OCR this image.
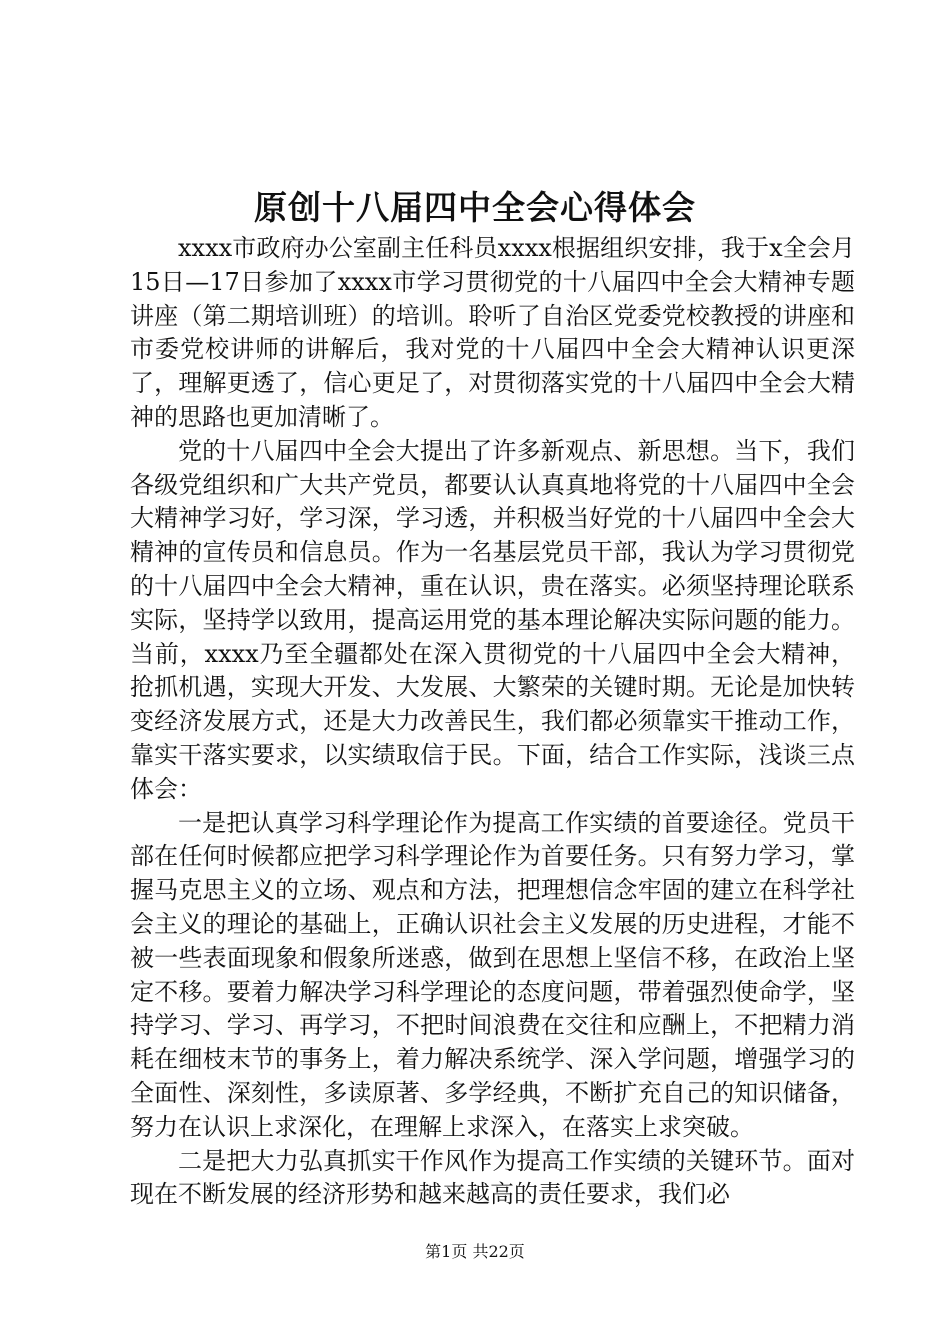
原创十八届四中全会心得体会

xxxx市政府办公室副主任科员xxxx根据组织安排，我于x全会月15日—17日参加了xxxx市学习贯彻党的十八届四中全会大精神专题讲座（第二期培训班）的培训。聆听了自治区党委党校教授的讲座和市委党校讲师的讲解后，我对党的十八届四中全会大精神认识更深了，理解更透了，信心更足了，对贯彻落实党的十八届四中全会大精神的思路也更加清晰了。

党的十八届四中全会大提出了许多新观点、新思想。当下，我们各级党组织和广大共产党员，都要认认真真地将党的十八届四中全会大精神学习好，学习深，学习透，并积极当好党的十八届四中全会大精神的宣传员和信息员。作为一名基层党员干部，我认为学习贯彻党的十八届四中全会大精神，重在认识，贵在落实。必须坚持理论联系实际，坚持学以致用，提高运用党的基本理论解决实际问题的能力。当前，xxxx乃至全疆都处在深入贯彻党的十八届四中全会大精神，抢抓机遇，实现大开发、大发展、大繁荣的关键时期。无论是加快转变经济发展方式，还是大力改善民生，我们都必须靠实干推动工作，靠实干落实要求，以实绩取信于民。下面，结合工作实际，浅谈三点体会：

一是把认真学习科学理论作为提高工作实绩的首要途径。党员干部在任何时候都应把学习科学理论作为首要任务。只有努力学习，掌握马克思主义的立场、观点和方法，把理想信念牢固的建立在科学社会主义的理论的基础上，正确认识社会主义发展的历史进程，才能不被一些表面现象和假象所迷惑，做到在思想上坚信不移，在政治上坚定不移。要着力解决学习科学理论的态度问题，带着强烈使命学，坚持学习、学习、再学习，不把时间浪费在交往和应酬上，不把精力消耗在细枝末节的事务上，着力解决系统学、深入学问题，增强学习的全面性、深刻性，多读原著、多学经典，不断扩充自己的知识储备，努力在认识上求深化，在理解上求深入，在落实上求突破。

二是把大力弘真抓实干作风作为提高工作实绩的关键环节。面对现在不断发展的经济形势和越来越高的责任要求，我们必

第1页 共22页
